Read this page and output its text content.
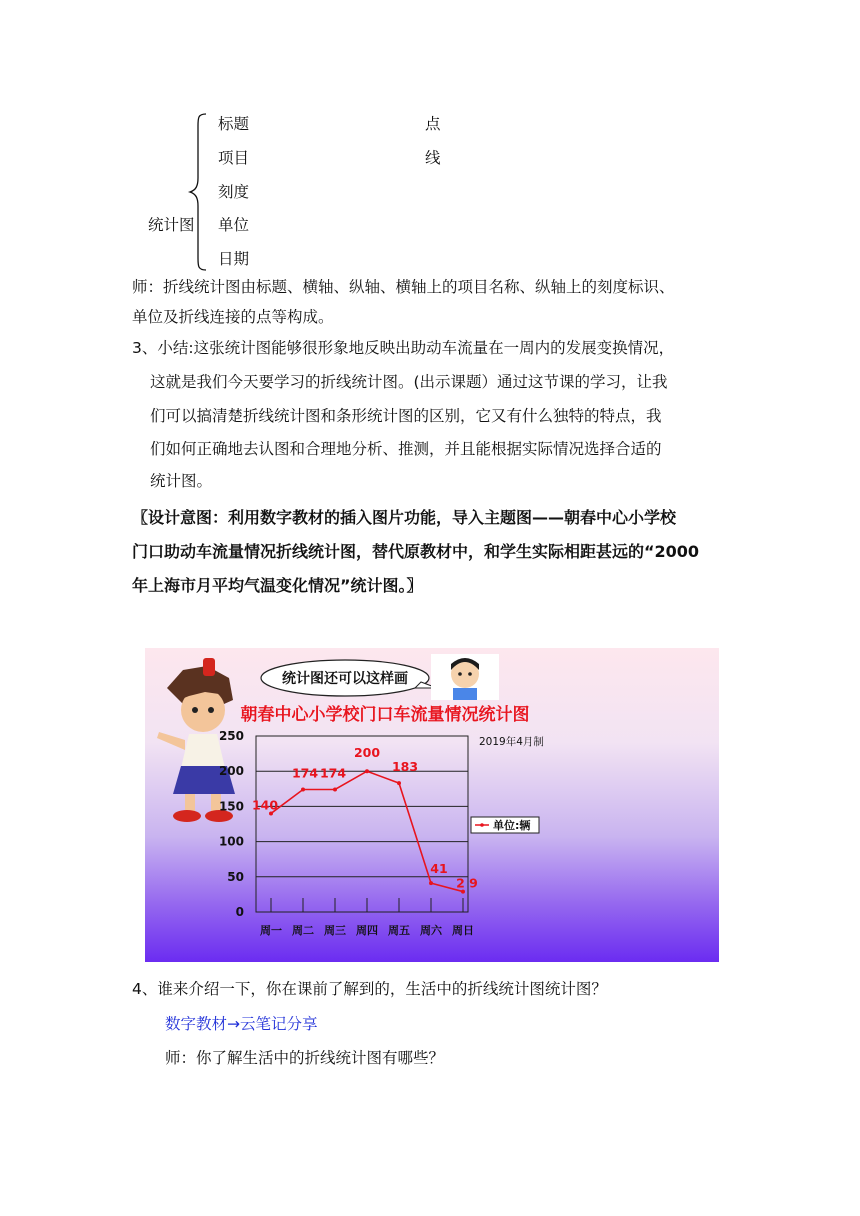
统计图
标题
项目
刻度
单位
日期
点
线
师：折线统计图由标题、横轴、纵轴、横轴上的项目名称、纵轴上的刻度标识、
单位及折线连接的点等构成。
3、小结:这张统计图能够很形象地反映出助动车流量在一周内的发展变换情况，
这就是我们今天要学习的折线统计图。(出示课题）通过这节课的学习，让我
们可以搞清楚折线统计图和条形统计图的区别，它又有什么独特的特点，我
们如何正确地去认图和合理地分析、推测，并且能根据实际情况选择合适的
统计图。
〖设计意图：利用数字教材的插入图片功能，导入主题图——朝春中心小学校
门口助动车流量情况折线统计图，替代原教材中，和学生实际相距甚远的“2000
年上海市月平均气温变化情况”统计图。〗
统计图还可以这样画
朝春中心小学校门口车流量情况统计图
2019年4月制
0
50
100
150
200
250
周一 周二 周三 周四 周五 周六 周日
140
174 174
200
183
41
2 9
单位:辆
4、谁来介绍一下，你在课前了解到的，生活中的折线统计图统计图？
数字教材→云笔记分享
师：你了解生活中的折线统计图有哪些？
